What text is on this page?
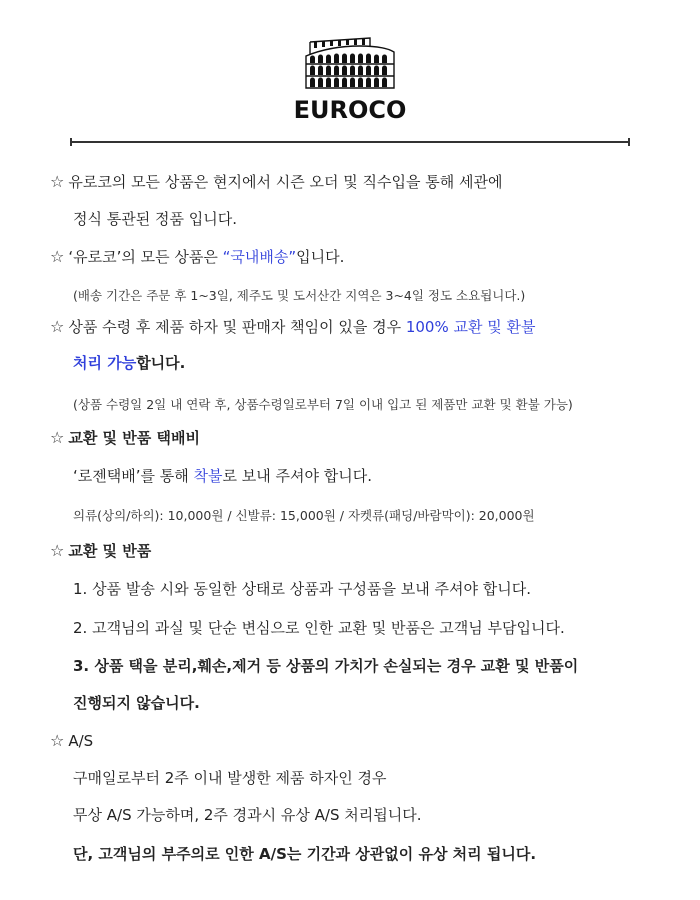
EUROCO
☆ 유로코의 모든 상품은 현지에서 시즌 오더 및 직수입을 통해 세관에
정식 통관된 정품 입니다.
☆ ‘유로코’의 모든 상품은 “국내배송”입니다.
(배송 기간은 주문 후 1~3일, 제주도 및 도서산간 지역은 3~4일 정도 소요됩니다.)
☆ 상품 수령 후 제품 하자 및 판매자 책임이 있을 경우 100% 교환 및 환불
처리 가능합니다.
(상품 수령일 2일 내 연락 후, 상품수령일로부터 7일 이내 입고 된 제품만 교환 및 환불 가능)
☆ 교환 및 반품 택배비
‘로젠택배’를 통해 착불로 보내 주셔야 합니다.
의류(상의/하의): 10,000원 / 신발류: 15,000원 / 자켓류(패딩/바람막이): 20,000원
☆ 교환 및 반품
1. 상품 발송 시와 동일한 상태로 상품과 구성품을 보내 주셔야 합니다.
2. 고객님의 과실 및 단순 변심으로 인한 교환 및 반품은 고객님 부담입니다.
3. 상품 택을 분리,훼손,제거 등 상품의 가치가 손실되는 경우 교환 및 반품이
진행되지 않습니다.
☆ A/S
구매일로부터 2주 이내 발생한 제품 하자인 경우
무상 A/S 가능하며, 2주 경과시 유상 A/S 처리됩니다.
단, 고객님의 부주의로 인한 A/S는 기간과 상관없이 유상 처리 됩니다.
